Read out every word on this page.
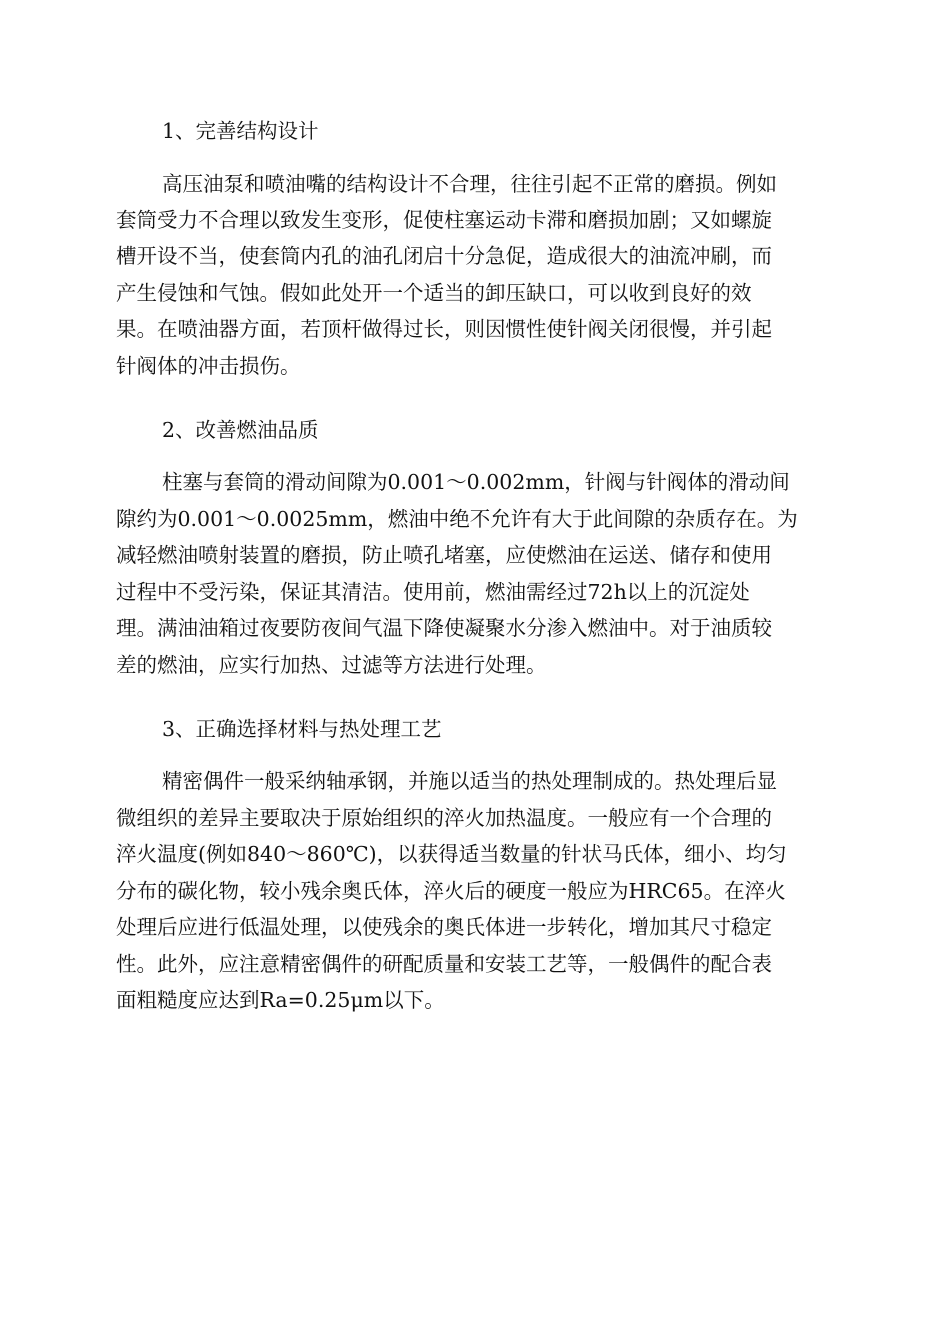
1、完善结构设计
高压油泵和喷油嘴的结构设计不合理，往往引起不正常的磨损。例如
套筒受力不合理以致发生变形，促使柱塞运动卡滞和磨损加剧；又如螺旋
槽开设不当，使套筒内孔的油孔闭启十分急促，造成很大的油流冲刷，而
产生侵蚀和气蚀。假如此处开一个适当的卸压缺口，可以收到良好的效
果。在喷油器方面，若顶杆做得过长，则因惯性使针阀关闭很慢，并引起
针阀体的冲击损伤。
2、改善燃油品质
柱塞与套筒的滑动间隙为0.001～0.002mm，针阀与针阀体的滑动间
隙约为0.001～0.0025mm，燃油中绝不允许有大于此间隙的杂质存在。为
减轻燃油喷射装置的磨损，防止喷孔堵塞，应使燃油在运送、储存和使用
过程中不受污染，保证其清洁。使用前，燃油需经过72h以上的沉淀处
理。满油油箱过夜要防夜间气温下降使凝聚水分渗入燃油中。对于油质较
差的燃油，应实行加热、过滤等方法进行处理。
3、正确选择材料与热处理工艺
精密偶件一般采纳轴承钢，并施以适当的热处理制成的。热处理后显
微组织的差异主要取决于原始组织的淬火加热温度。一般应有一个合理的
淬火温度(例如840～860℃)，以获得适当数量的针状马氏体，细小、均匀
分布的碳化物，较小残余奥氏体，淬火后的硬度一般应为HRC65。在淬火
处理后应进行低温处理，以使残余的奥氏体进一步转化，增加其尺寸稳定
性。此外，应注意精密偶件的研配质量和安装工艺等，一般偶件的配合表
面粗糙度应达到Ra=0.25μm以下。
